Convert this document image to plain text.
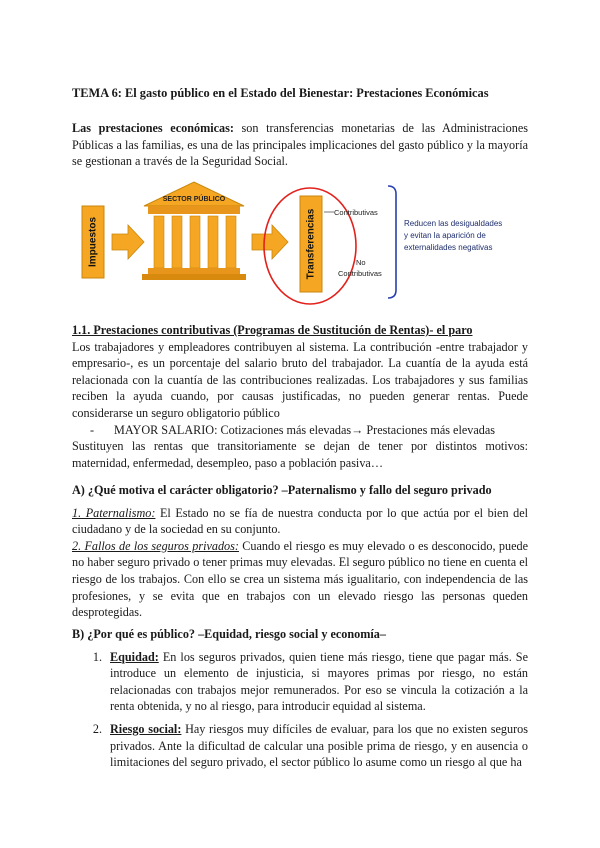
TEMA 6: El gasto público en el Estado del Bienestar: Prestaciones Económicas

Las prestaciones económicas: son transferencias monetarias de las Administraciones Públicas a las familias, es una de las principales implicaciones del gasto público y la mayoría se gestionan a través de la Seguridad Social.

Impuestos
SECTOR PÚBLICO
Transferencias Contributivas
No
Contributivas
Reducen las desigualdades
y evitan la aparición de
externalidades negativas

1.1. Prestaciones contributivas (Programas de Sustitución de Rentas)- el paro

Los trabajadores y empleadores contribuyen al sistema. La contribución -entre trabajador y empresario-, es un porcentaje del salario bruto del trabajador. La cuantía de la ayuda está relacionada con la cuantía de las contribuciones realizadas. Los trabajadores y sus familias reciben la ayuda cuando, por causas justificadas, no pueden generar rentas. Puede considerarse un seguro obligatorio público

-	MAYOR SALARIO: Cotizaciones más elevadas→ Prestaciones más elevadas

Sustituyen las rentas que transitoriamente se dejan de tener por distintos motivos: maternidad, enfermedad, desempleo, paso a población pasiva…

A) ¿Qué motiva el carácter obligatorio? –Paternalismo y fallo del seguro privado

1. Paternalismo: El Estado no se fía de nuestra conducta por lo que actúa por el bien del ciudadano y de la sociedad en su conjunto.

2. Fallos de los seguros privados: Cuando el riesgo es muy elevado o es desconocido, puede no haber seguro privado o tener primas muy elevadas. El seguro público no tiene en cuenta el riesgo de los trabajos. Con ello se crea un sistema más igualitario, con independencia de las profesiones, y se evita que en trabajos con un elevado riesgo las personas queden desprotegidas.

B) ¿Por qué es público? –Equidad, riesgo social y economía–

1. Equidad: En los seguros privados, quien tiene más riesgo, tiene que pagar más. Se introduce un elemento de injusticia, si mayores primas por riesgo, no están relacionadas con trabajos mejor remunerados. Por eso se vincula la cotización a la renta obtenida, y no al riesgo, para introducir equidad al sistema.
2. Riesgo social: Hay riesgos muy difíciles de evaluar, para los que no existen seguros privados. Ante la dificultad de calcular una posible prima de riesgo, y en ausencia o limitaciones del seguro privado, el sector público lo asume como un riesgo al que ha
